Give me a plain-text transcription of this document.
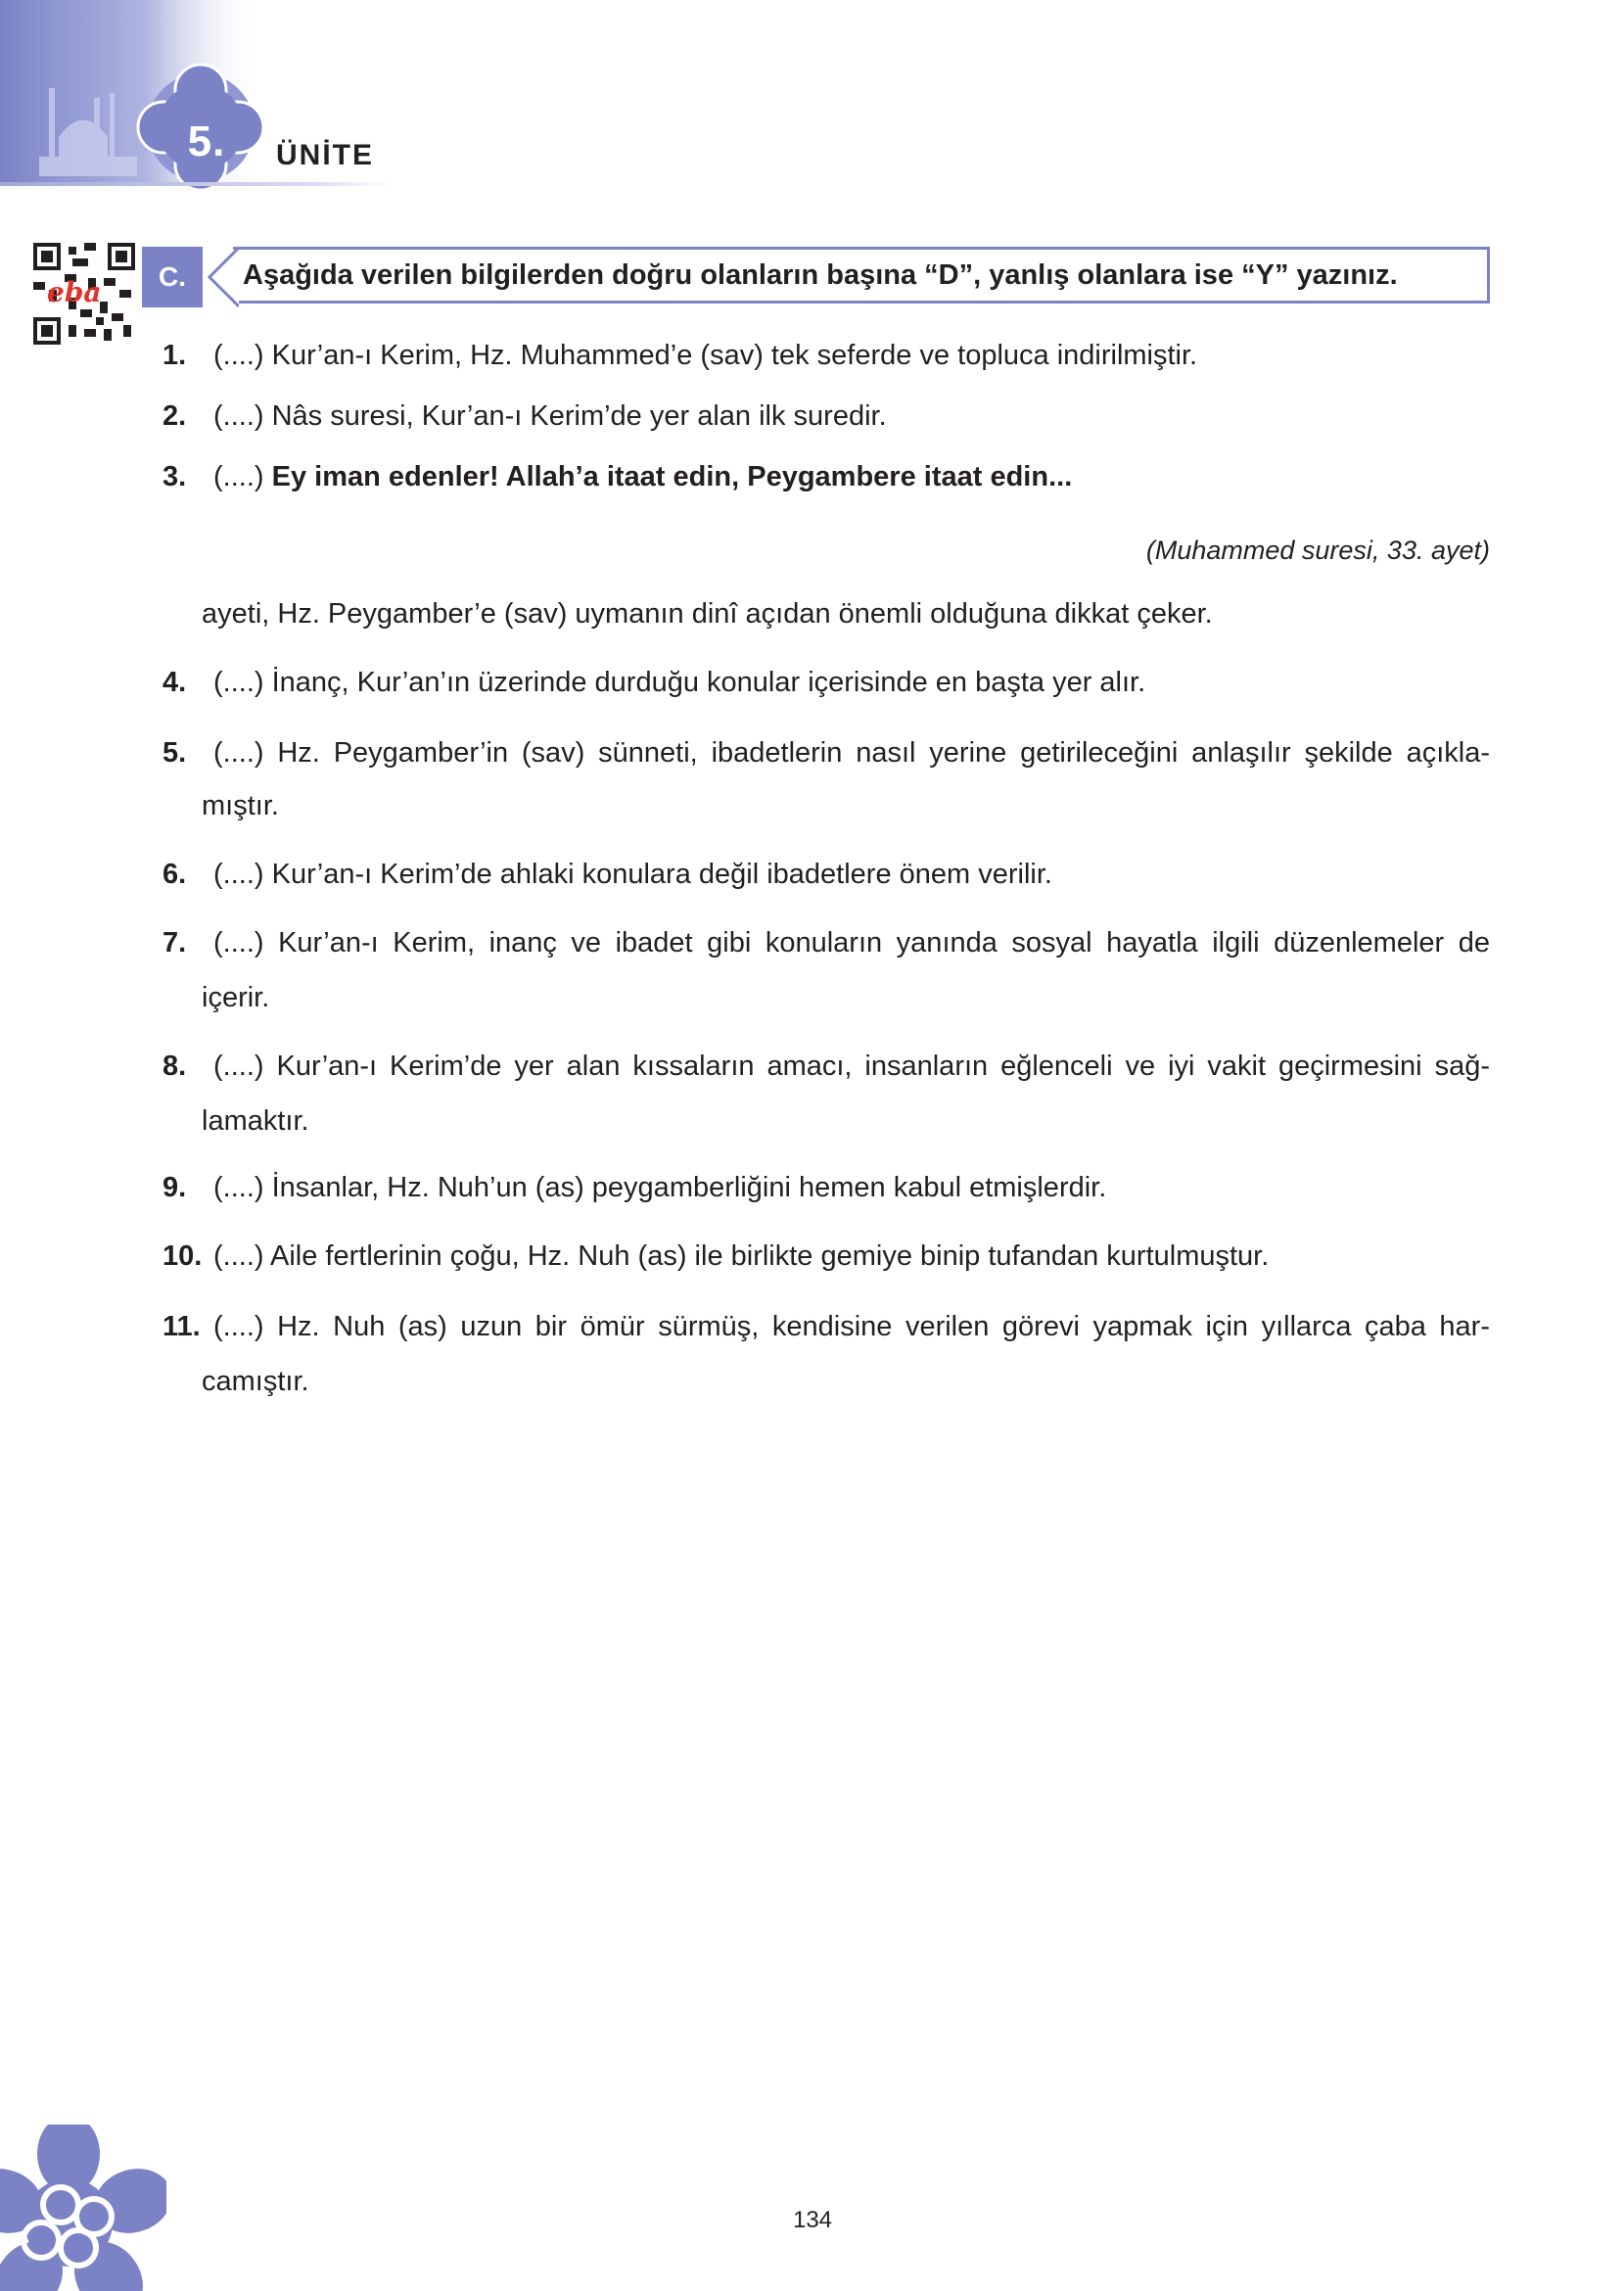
5. ÜNİTE
eba	C.	Aşağıda verilen bilgilerden doğru olanların başına “D”, yanlış olanlara ise “Y” yazınız.
1. (....) Kur’an-ı Kerim, Hz. Muhammed’e (sav) tek seferde ve topluca indirilmiştir.
2. (....) Nâs suresi, Kur’an-ı Kerim’de yer alan ilk suredir.
3. (....) Ey iman edenler! Allah’a itaat edin, Peygambere itaat edin...
(Muhammed suresi, 33. ayet)
ayeti, Hz. Peygamber’e (sav) uymanın dinî açıdan önemli olduğuna dikkat çeker.
4. (....) İnanç, Kur’an’ın üzerinde durduğu konular içerisinde en başta yer alır.
5. (....) Hz. Peygamber’in (sav) sünneti, ibadetlerin nasıl yerine getirileceğini anlaşılır şekilde açıkla-
mıştır.
6. (....) Kur’an-ı Kerim’de ahlaki konulara değil ibadetlere önem verilir.
7. (....) Kur’an-ı Kerim, inanç ve ibadet gibi konuların yanında sosyal hayatla ilgili düzenlemeler de
içerir.
8. (....) Kur’an-ı Kerim’de yer alan kıssaların amacı, insanların eğlenceli ve iyi vakit geçirmesini sağ-
lamaktır.
9. (....) İnsanlar, Hz. Nuh’un (as) peygamberliğini hemen kabul etmişlerdir.
10. (....) Aile fertlerinin çoğu, Hz. Nuh (as) ile birlikte gemiye binip tufandan kurtulmuştur.
11. (....) Hz. Nuh (as) uzun bir ömür sürmüş, kendisine verilen görevi yapmak için yıllarca çaba har-
camıştır.
134
